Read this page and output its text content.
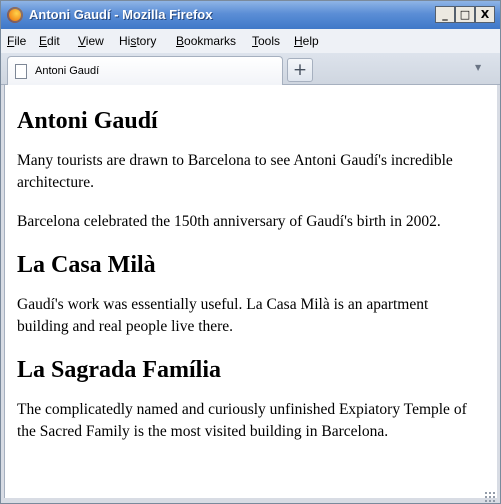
Antoni Gaudí - Mozilla Firefox	_	□ X
File Edit View History Bookmarks Tools Help
Antoni Gaudí	+	▼
Antoni Gaudí

Many tourists are drawn to Barcelona to see Antoni Gaudí's incredible architecture.

Barcelona celebrated the 150th anniversary of Gaudí's birth in 2002.

La Casa Milà

Gaudí's work was essentially useful. La Casa Milà is an apartment building and real people live there.

La Sagrada Família

The complicatedly named and curiously unfinished Expiatory Temple of the Sacred Family is the most visited building in Barcelona.
